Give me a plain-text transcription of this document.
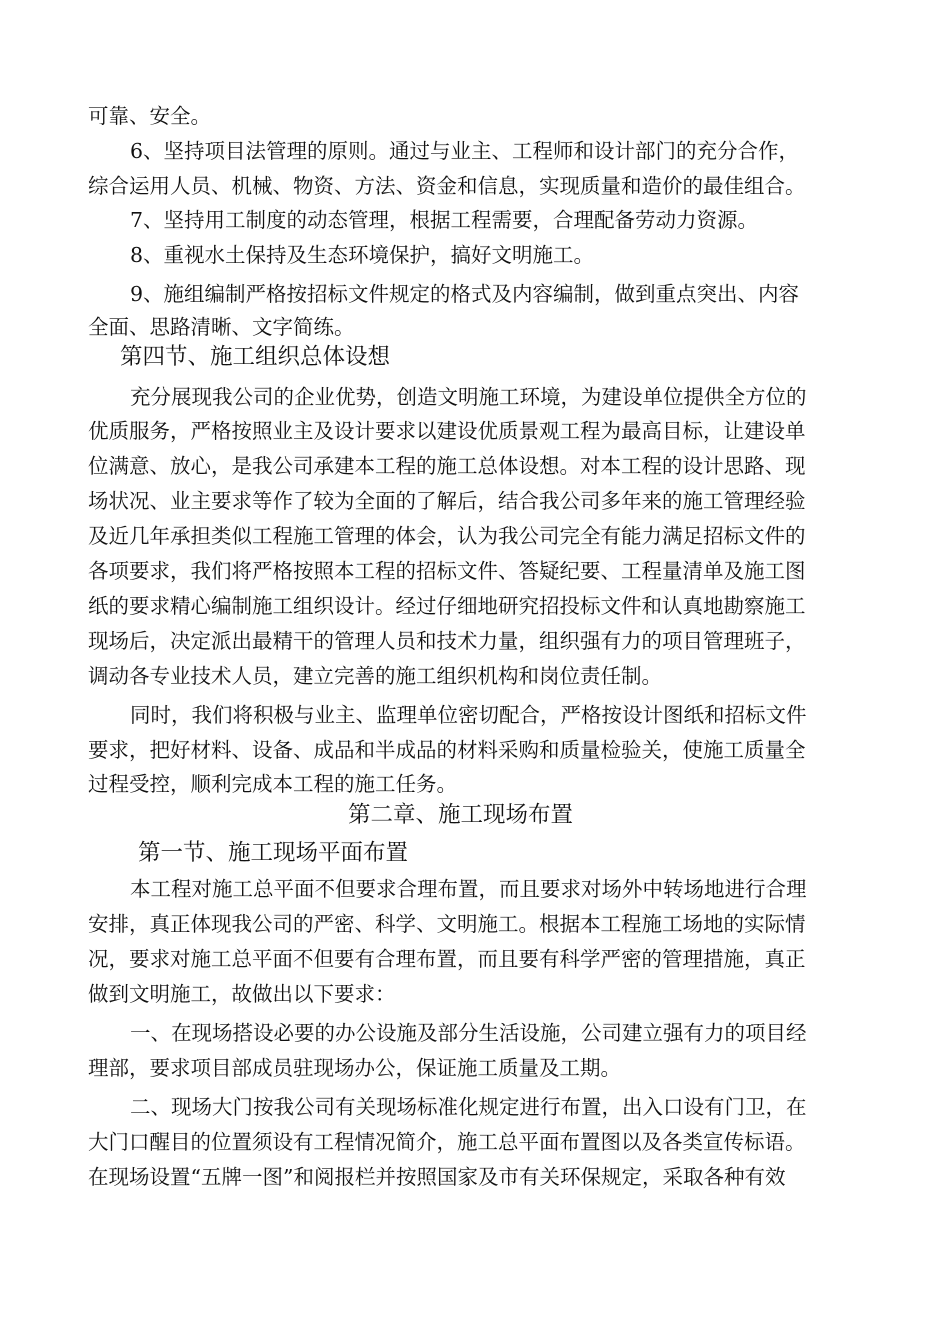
可靠、安全。
6、坚持项目法管理的原则。通过与业主、工程师和设计部门的充分合作，
综合运用人员、机械、物资、方法、资金和信息，实现质量和造价的最佳组合。
7、坚持用工制度的动态管理，根据工程需要，合理配备劳动力资源。
8、重视水土保持及生态环境保护，搞好文明施工。
9、施组编制严格按招标文件规定的格式及内容编制，做到重点突出、内容
全面、思路清晰、文字简练。
第四节、施工组织总体设想
充分展现我公司的企业优势，创造文明施工环境，为建设单位提供全方位的
优质服务，严格按照业主及设计要求以建设优质景观工程为最高目标，让建设单
位满意、放心，是我公司承建本工程的施工总体设想。对本工程的设计思路、现
场状况、业主要求等作了较为全面的了解后，结合我公司多年来的施工管理经验
及近几年承担类似工程施工管理的体会，认为我公司完全有能力满足招标文件的
各项要求，我们将严格按照本工程的招标文件、答疑纪要、工程量清单及施工图
纸的要求精心编制施工组织设计。经过仔细地研究招投标文件和认真地勘察施工
现场后，决定派出最精干的管理人员和技术力量，组织强有力的项目管理班子，
调动各专业技术人员，建立完善的施工组织机构和岗位责任制。
同时，我们将积极与业主、监理单位密切配合，严格按设计图纸和招标文件
要求，把好材料、设备、成品和半成品的材料采购和质量检验关，使施工质量全
过程受控，顺利完成本工程的施工任务。
第二章、施工现场布置
第一节、施工现场平面布置
本工程对施工总平面不但要求合理布置，而且要求对场外中转场地进行合理
安排，真正体现我公司的严密、科学、文明施工。根据本工程施工场地的实际情
况，要求对施工总平面不但要有合理布置，而且要有科学严密的管理措施，真正
做到文明施工，故做出以下要求：
一、在现场搭设必要的办公设施及部分生活设施，公司建立强有力的项目经
理部，要求项目部成员驻现场办公，保证施工质量及工期。
二、现场大门按我公司有关现场标准化规定进行布置，出入口设有门卫，在
大门口醒目的位置须设有工程情况简介，施工总平面布置图以及各类宣传标语。
在现场设置“五牌一图”和阅报栏并按照国家及市有关环保规定，采取各种有效
